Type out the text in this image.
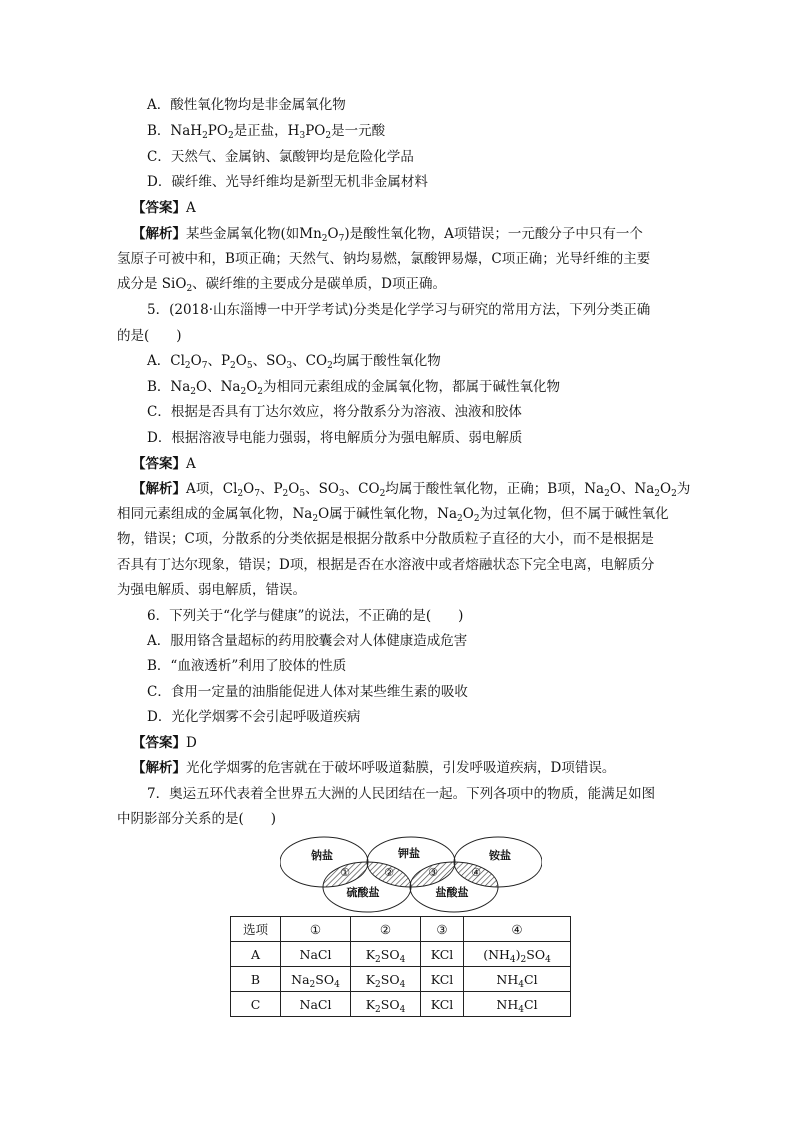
A．酸性氧化物均是非金属氧化物
B．$NaH_2PO_2$是正盐，$H_3PO_2$是一元酸
C．天然气、金属钠、氯酸钾均是危险化学品
D．碳纤维、光导纤维均是新型无机非金属材料
【答案】A
【解析】某些金属氧化物(如$Mn_2O_7$)是酸性氧化物，A项错误；一元酸分子中只有一个
氢原子可被中和，B项正确；天然气、钠均易燃，氯酸钾易爆，C项正确；光导纤维的主要
成分是 SiO$_2$、碳纤维的主要成分是碳单质，D项正确。
5．(2018·山东淄博一中开学考试)分类是化学学习与研究的常用方法，下列分类正确
的是(　　)
A．$Cl_2O_7$、$P_2O_5$、$SO_3$、$CO_2$均属于酸性氧化物
B．$Na_2O$、$Na_2O_2$为相同元素组成的金属氧化物，都属于碱性氧化物
C．根据是否具有丁达尔效应，将分散系分为溶液、浊液和胶体
D．根据溶液导电能力强弱，将电解质分为强电解质、弱电解质
【答案】A
【解析】A项，$Cl_2O_7$、$P_2O_5$、$SO_3$、$CO_2$均属于酸性氧化物，正确；B项，$Na_2O$、$Na_2O_2$为
相同元素组成的金属氧化物，$Na_2O$属于碱性氧化物，$Na_2O_2$为过氧化物，但不属于碱性氧化
物，错误；C项，分散系的分类依据是根据分散系中分散质粒子直径的大小，而不是根据是
否具有丁达尔现象，错误；D项，根据是否在水溶液中或者熔融状态下完全电离，电解质分
为强电解质、弱电解质，错误。
6．下列关于“化学与健康”的说法，不正确的是(　　)
A．服用铬含量超标的药用胶囊会对人体健康造成危害
B．“血液透析”利用了胶体的性质
C．食用一定量的油脂能促进人体对某些维生素的吸收
D．光化学烟雾不会引起呼吸道疾病
【答案】D
【解析】光化学烟雾的危害就在于破坏呼吸道黏膜，引发呼吸道疾病，D项错误。
7．奥运五环代表着全世界五大洲的人民团结在一起。下列各项中的物质，能满足如图
中阴影部分关系的是(　　)
钠盐	钾盐	铵盐
硫酸盐	盐酸盐
①	②	③	④
选项	①	②	③	④
A	NaCl	$K_2SO_4$	KCl	$(NH_4)_2SO_4$
B	$Na_2SO_4$	$K_2SO_4$	KCl	$NH_4Cl$
C	NaCl	$K_2SO_4$	KCl	$NH_4Cl$
